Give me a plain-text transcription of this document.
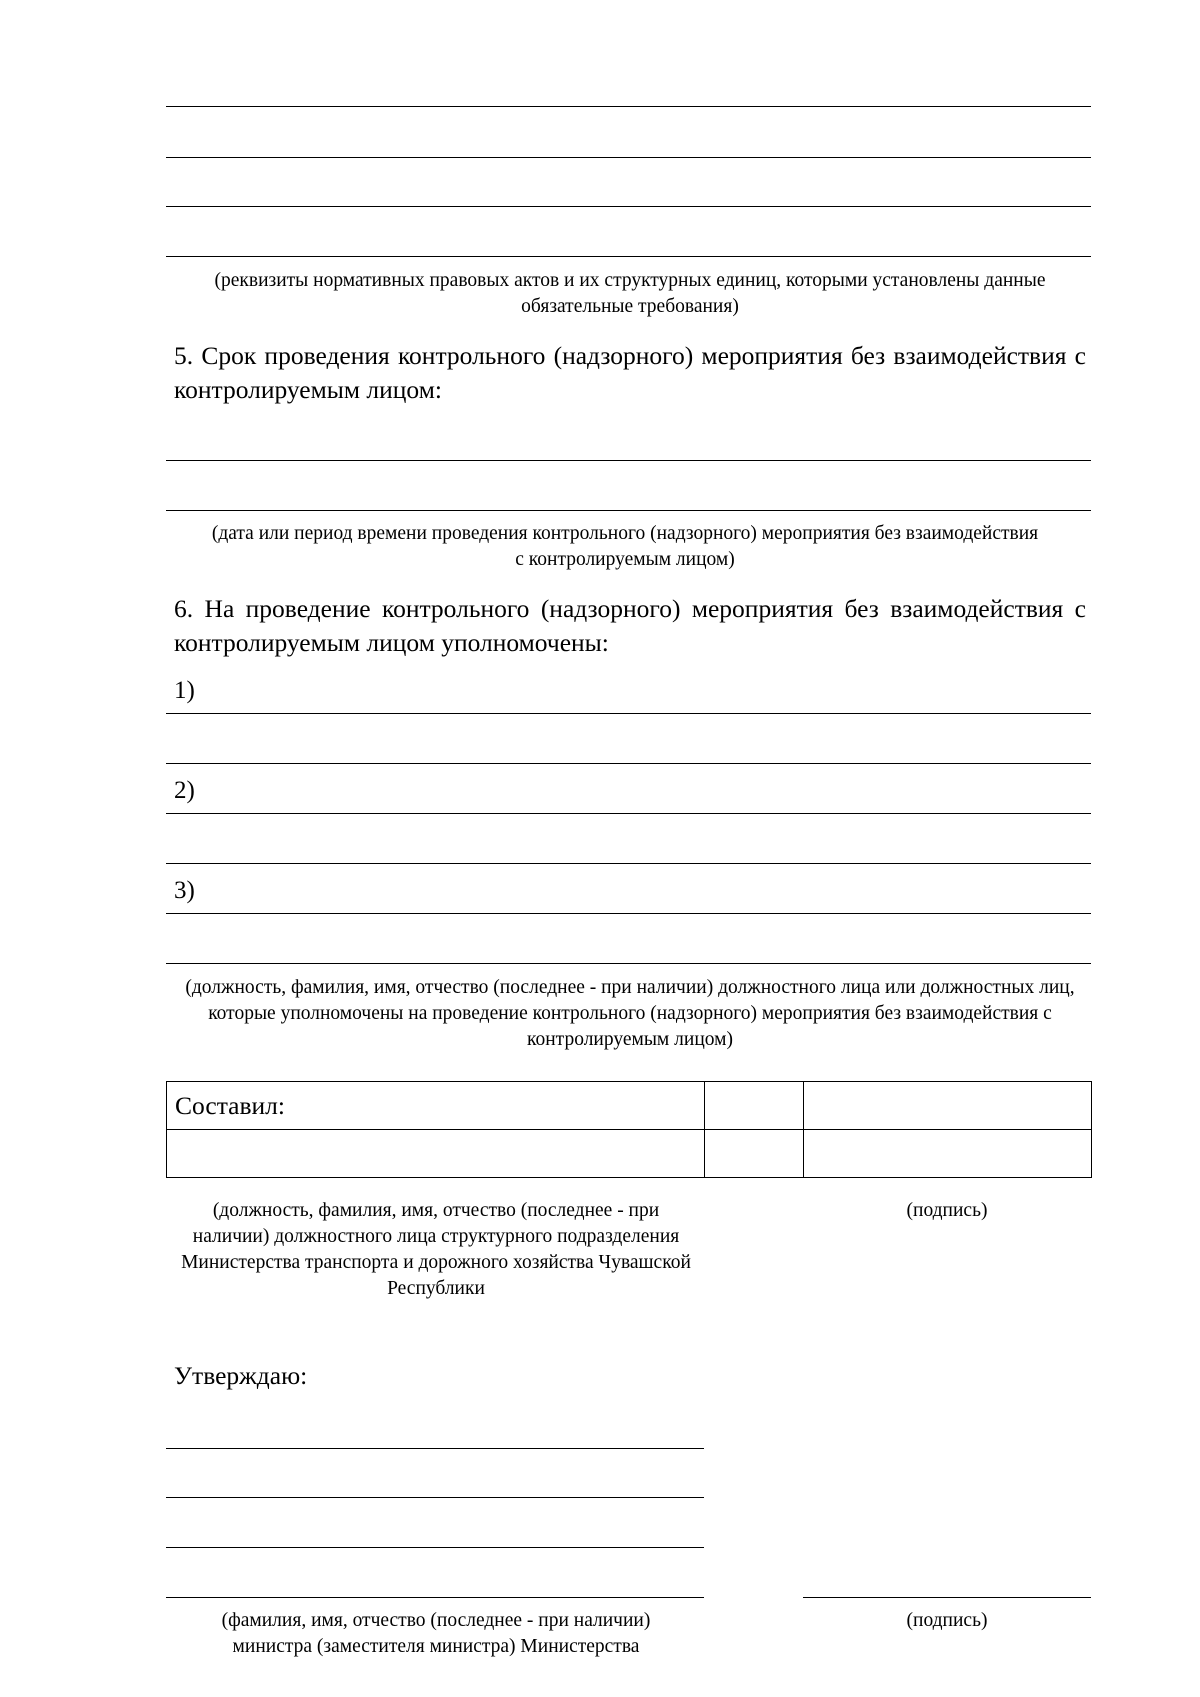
(реквизиты нормативных правовых актов и их структурных единиц, которыми установлены данные обязательные требования)
5. Срок проведения контрольного (надзорного) мероприятия без взаимодействия с контролируемым лицом:
(дата или период времени проведения контрольного (надзорного) мероприятия без взаимодействия с контролируемым лицом)
6. На проведение контрольного (надзорного) мероприятия без взаимодействия с контролируемым лицом уполномочены:
1)
2)
3)
(должность, фамилия, имя, отчество (последнее - при наличии) должностного лица или должностных лиц, которые уполномочены на проведение контрольного (надзорного) мероприятия без взаимодействия с контролируемым лицом)
Составил:		

(должность, фамилия, имя, отчество (последнее - при наличии) должностного лица структурного подразделения Министерства транспорта и дорожного хозяйства Чувашской Республики
(подпись)
Утверждаю:
(фамилия, имя, отчество (последнее - при наличии) министра (заместителя министра) Министерства
(подпись)
